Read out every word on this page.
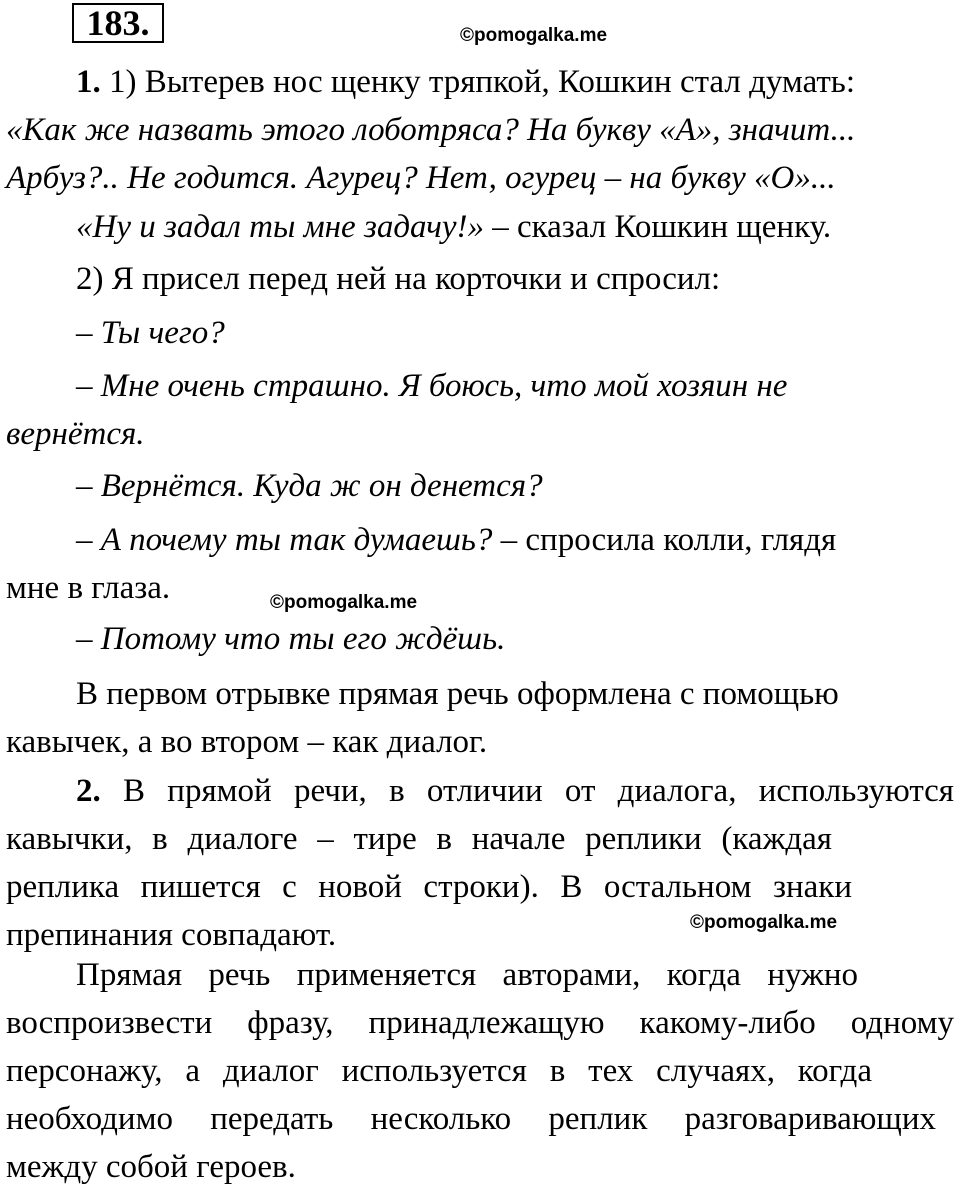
183.	©pomogalka.me

1. 1) Вытерев нос щенку тряпкой, Кошкин стал думать:
«Как же назвать этого лоботряса? На букву «А», значит...
Арбуз?.. Не годится. Агурец? Нет, огурец – на букву «О»...

«Ну и задал ты мне задачу!» – сказал Кошкин щенку.

2) Я присел перед ней на корточки и спросил:

– Ты чего?

– Мне очень страшно. Я боюсь, что мой хозяин не
вернётся.

– Вернётся. Куда ж он денется?

– А почему ты так думаешь? – спросила колли, глядя
мне в глаза.	©pomogalka.me

– Потому что ты его ждёшь.

В первом отрывке прямая речь оформлена с помощью
кавычек, а во втором – как диалог.

2. В прямой речи, в отличии от диалога, используются
кавычки, в диалоге – тире в начале реплики (каждая
реплика пишется с новой строки). В остальном знаки
препинания совпадают.	©pomogalka.me

Прямая речь применяется авторами, когда нужно
воспроизвести фразу, принадлежащую какому-либо одному
персонажу, а диалог используется в тех случаях, когда
необходимо передать несколько реплик разговаривающих
между собой героев.
